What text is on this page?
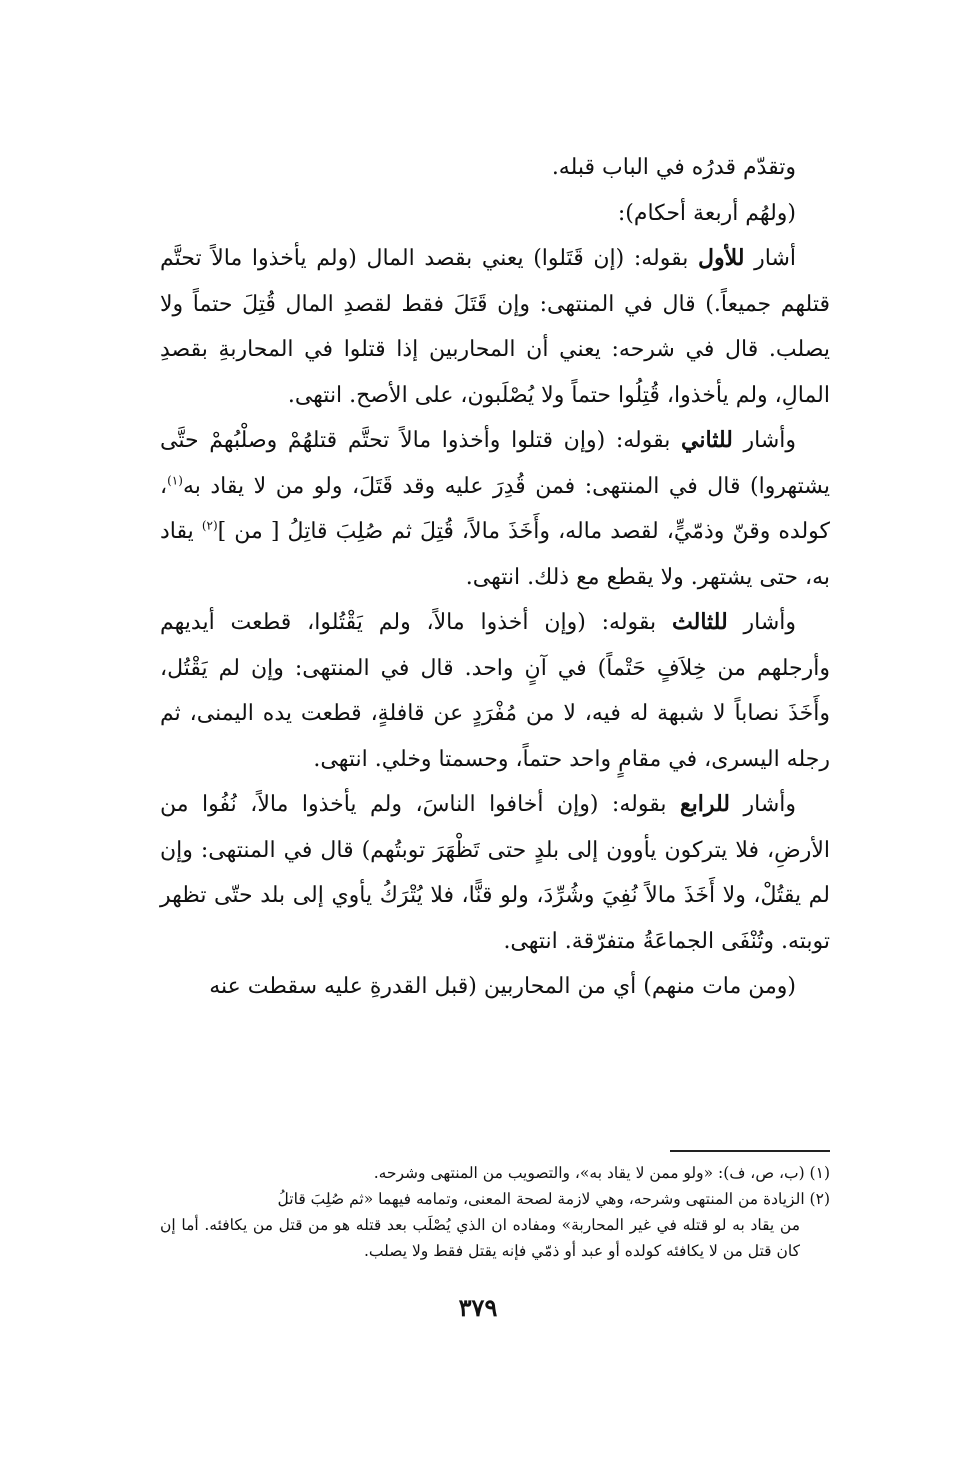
وتقدّم قدرُه في الباب قبله.

(ولهُم أربعة أحكام):

أشار للأول بقوله: (إن قَتَلوا) يعني بقصد المال (ولم يأخذوا مالاً تحتَّم قتلهم جميعاً.) قال في المنتهى: وإن قَتَلَ فقط لقصدِ المال قُتِلَ حتماً ولا يصلب. قال في شرحه: يعني أن المحاربين إذا قتلوا في المحاربةِ بقصدِ المالِ، ولم يأخذوا، قُتِلُوا حتماً ولا يُصْلَبون، على الأصح. انتهى.

وأشار للثاني بقوله: (وإن قتلوا وأخذوا مالاً تحتَّم قتلهُمْ وصلْبُهمْ حتَّى يشتهروا) قال في المنتهى: فمن قُدِرَ عليه وقد قَتَلَ، ولو من لا يقاد به$^{(١)}$، كولده وقنّ وذمّيٍّ، لقصد ماله، وأَخَذَ مالاً، قُتِلَ ثم صُلِبَ قاتِلُ [ من ]$^{(٢)}$ يقاد به، حتى يشتهر. ولا يقطع مع ذلك. انتهى.

وأشار للثالث بقوله: (وإن أخذوا مالاً، ولم يَقْتُلوا، قطعت أيديهم وأرجلهم من خِلاَفٍ حَتْماً) في آنٍ واحد. قال في المنتهى: وإن لم يَقْتُل، وأَخَذَ نصاباً لا شبهة له فيه، لا من مُفْرَدٍ عن قافلةٍ، قطعت يده اليمنى، ثم رجله اليسرى، في مقامٍ واحد حتماً، وحسمتا وخلي. انتهى.

وأشار للرابع بقوله: (وإن أخافوا الناسَ، ولم يأخذوا مالاً، نُفُوا من الأرضِ، فلا يتركون يأوون إلى بلدٍ حتى تَظْهَرَ توبتُهم) قال في المنتهى: وإن لم يقتُلْ، ولا أَخَذَ مالاً نُفِيَ وشُرِّدَ، ولو قنًّا، فلا يُتْرَكُ يأوي إلى بلد حتّى تظهر توبته. وتُنْفَى الجماعَةُ متفرّقة. انتهى.

(ومن مات منهم) أي من المحاربين (قبل القدرةِ عليه سقطت عنه

(١) (ب، ص، ف): «ولو ممن لا يقاد به»، والتصويب من المنتهى وشرحه.

(٢) الزيادة من المنتهى وشرحه، وهي لازمة لصحة المعنى، وتمامه فيهما «ثم صُلِبَ قاتلُ

من يقاد به لو قتله في غير المحاربة» ومفاده ان الذي يُصْلَب بعد قتله هو من قتل من يكافئه. أما إن كان قتل من لا يكافئه كولده أو عبد أو ذمّي فإنه يقتل فقط ولا يصلب.

٣٧٩
